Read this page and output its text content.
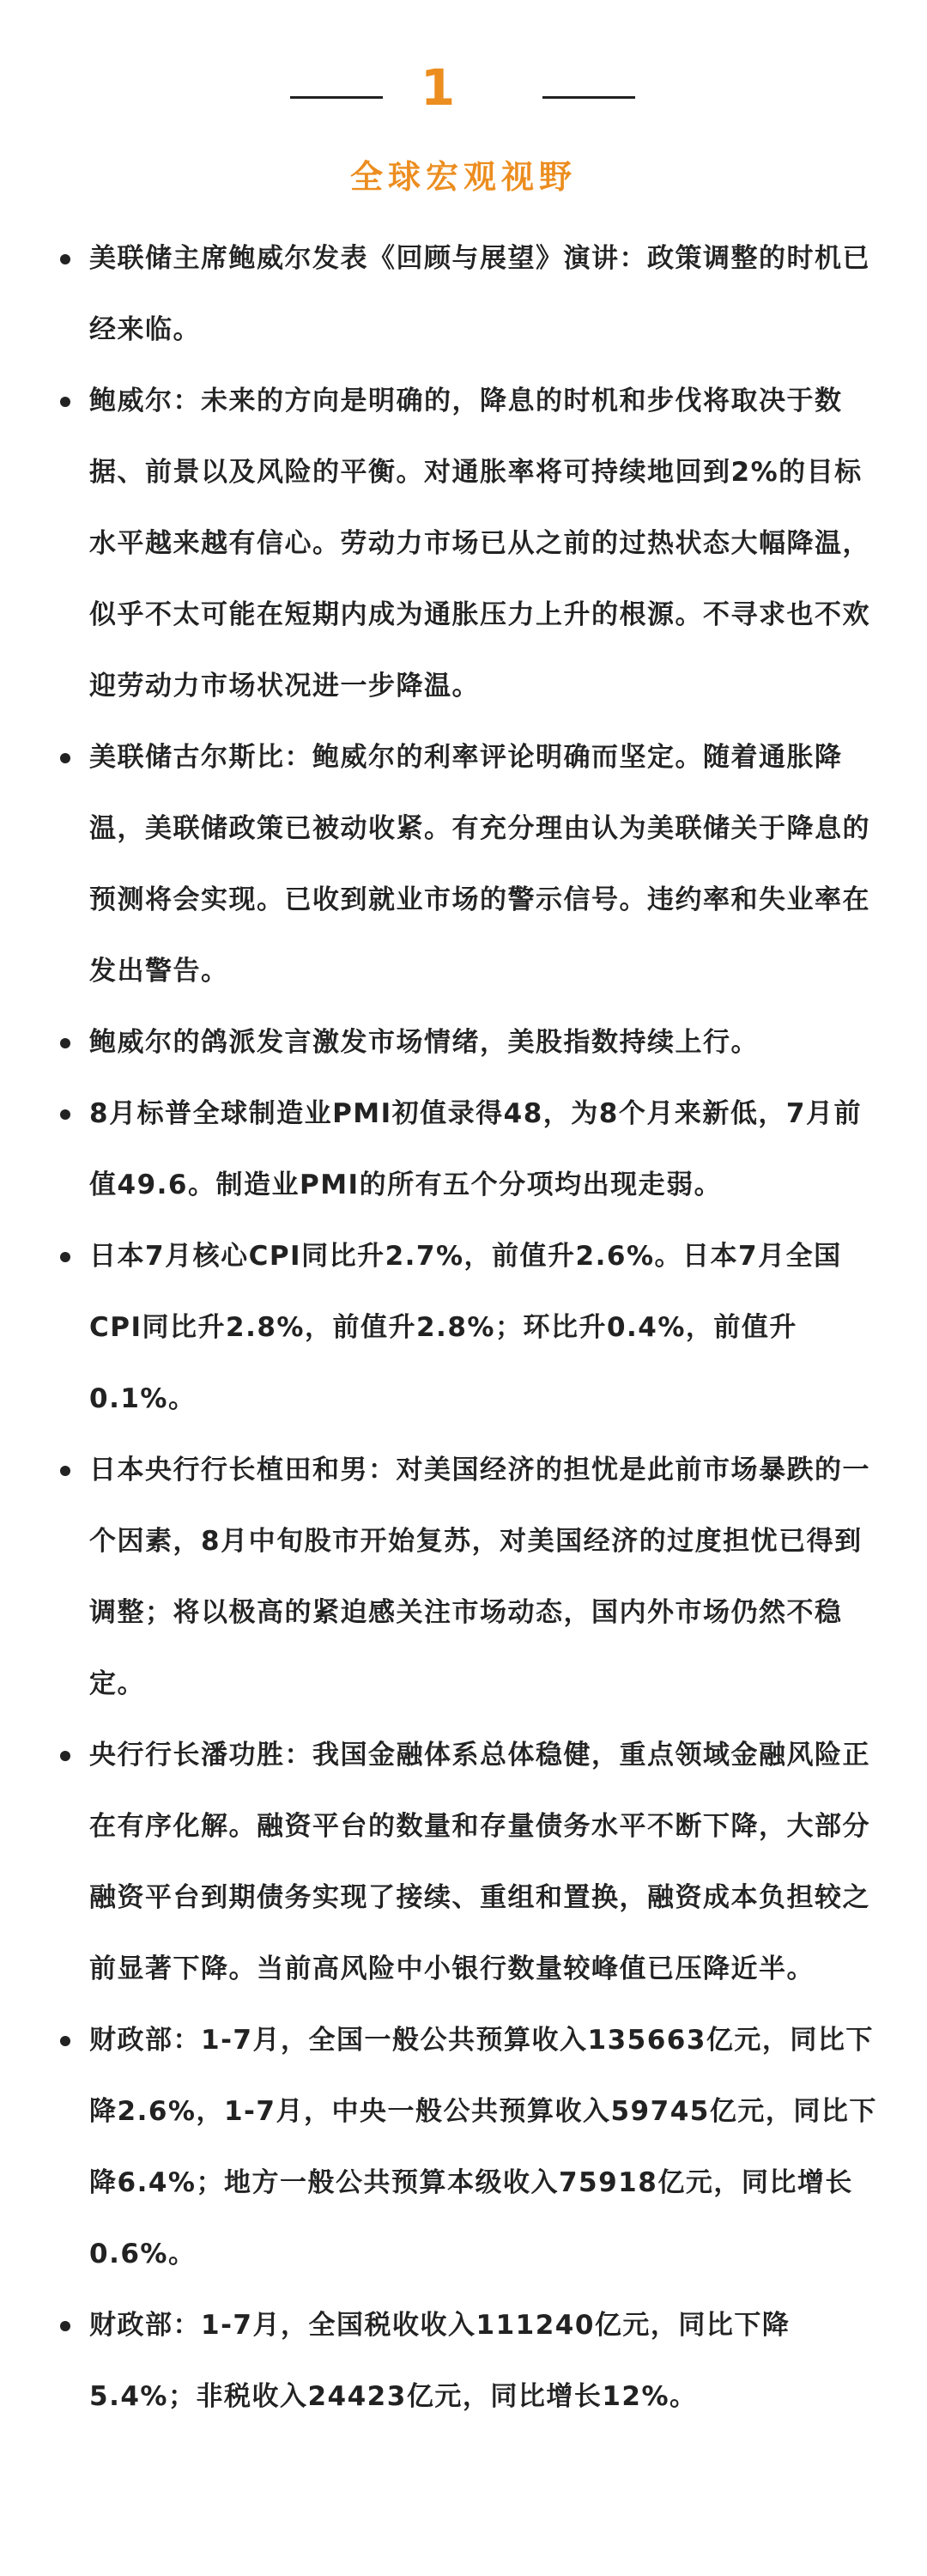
1
全球宏观视野
美联储主席鲍威尔发表《回顾与展望》演讲：政策调整的时机已经来临。
鲍威尔：未来的方向是明确的，降息的时机和步伐将取决于数据、前景以及风险的平衡。对通胀率将可持续地回到2%的目标水平越来越有信心。劳动力市场已从之前的过热状态大幅降温，似乎不太可能在短期内成为通胀压力上升的根源。不寻求也不欢迎劳动力市场状况进一步降温。
美联储古尔斯比：鲍威尔的利率评论明确而坚定。随着通胀降温，美联储政策已被动收紧。有充分理由认为美联储关于降息的预测将会实现。已收到就业市场的警示信号。违约率和失业率在发出警告。
鲍威尔的鸽派发言激发市场情绪，美股指数持续上行。
8月标普全球制造业PMI初值录得48，为8个月来新低，7月前值49.6。制造业PMI的所有五个分项均出现走弱。
日本7月核心CPI同比升2.7%，前值升2.6%。日本7月全国CPI同比升2.8%，前值升2.8%；环比升0.4%，前值升0.1%。
日本央行行长植田和男：对美国经济的担忧是此前市场暴跌的一个因素，8月中旬股市开始复苏，对美国经济的过度担忧已得到调整；将以极高的紧迫感关注市场动态，国内外市场仍然不稳定。
央行行长潘功胜：我国金融体系总体稳健，重点领域金融风险正在有序化解。融资平台的数量和存量债务水平不断下降，大部分融资平台到期债务实现了接续、重组和置换，融资成本负担较之前显著下降。当前高风险中小银行数量较峰值已压降近半。
财政部：1-7月，全国一般公共预算收入135663亿元，同比下降2.6%，1-7月，中央一般公共预算收入59745亿元，同比下降6.4%；地方一般公共预算本级收入75918亿元，同比增长0.6%。
财政部：1-7月，全国税收收入111240亿元，同比下降5.4%；非税收入24423亿元，同比增长12%。
